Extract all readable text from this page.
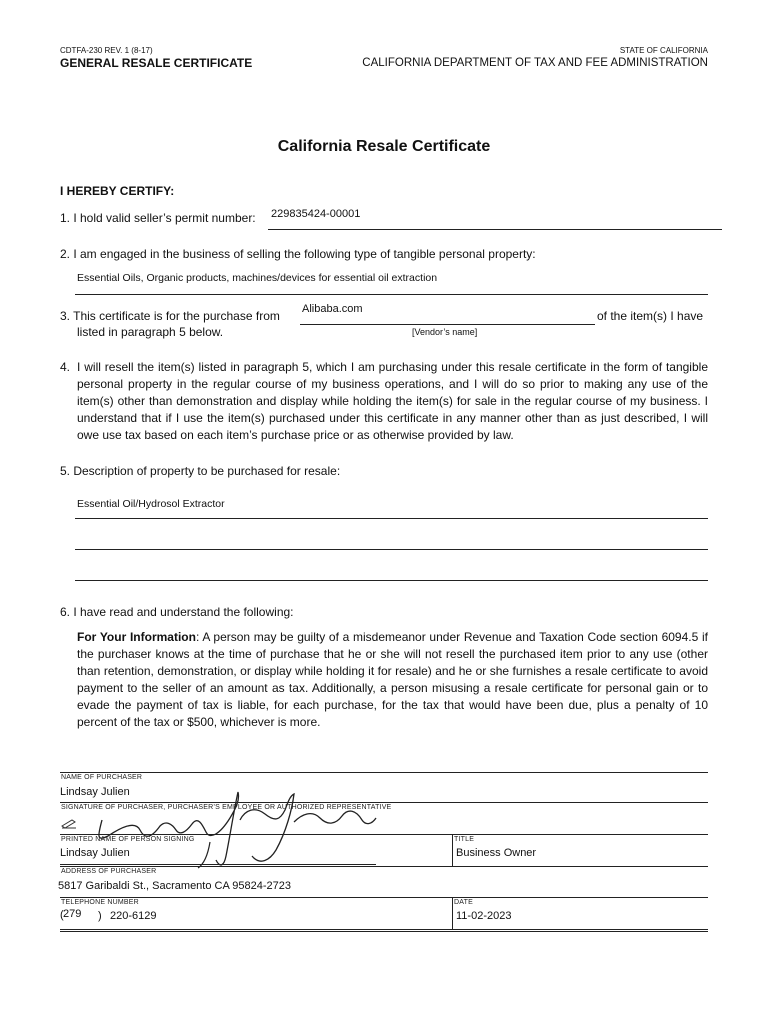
CDTFA-230 REV. 1 (8-17)
GENERAL RESALE CERTIFICATE
STATE OF CALIFORNIA
CALIFORNIA DEPARTMENT OF TAX AND FEE ADMINISTRATION
California Resale Certificate
I HEREBY CERTIFY:
1. I hold valid seller’s permit number: 229835424-00001
2. I am engaged in the business of selling the following type of tangible personal property:
Essential Oils, Organic products, machines/devices for essential oil extraction
3. This certificate is for the purchase from
listed in paragraph 5 below.
Alibaba.com
[Vendor’s name]
of the item(s) I have
4. I will resell the item(s) listed in paragraph 5, which I am purchasing under this resale certificate in the form of tangible personal property in the regular course of my business operations, and I will do so prior to making any use of the item(s) other than demonstration and display while holding the item(s) for sale in the regular course of my business. I understand that if I use the item(s) purchased under this certificate in any manner other than as just described, I will owe use tax based on each item’s purchase price or as otherwise provided by law.
5. Description of property to be purchased for resale:
Essential Oil/Hydrosol Extractor
6. I have read and understand the following:
For Your Information: A person may be guilty of a misdemeanor under Revenue and Taxation Code section 6094.5 if the purchaser knows at the time of purchase that he or she will not resell the purchased item prior to any use (other than retention, demonstration, or display while holding it for resale) and he or she furnishes a resale certificate to avoid payment to the seller of an amount as tax. Additionally, a person misusing a resale certificate for personal gain or to evade the payment of tax is liable, for each purchase, for the tax that would have been due, plus a penalty of 10 percent of the tax or $500, whichever is more.
NAME OF PURCHASER
Lindsay Julien
SIGNATURE OF PURCHASER, PURCHASER’S EMPLOYEE OR AUTHORIZED REPRESENTATIVE
PRINTED NAME OF PERSON SIGNING
Lindsay Julien
TITLE
Business Owner
ADDRESS OF PURCHASER
5817 Garibaldi St., Sacramento CA 95824-2723
TELEPHONE NUMBER
( 279 ) 220-6129
DATE
11-02-2023
